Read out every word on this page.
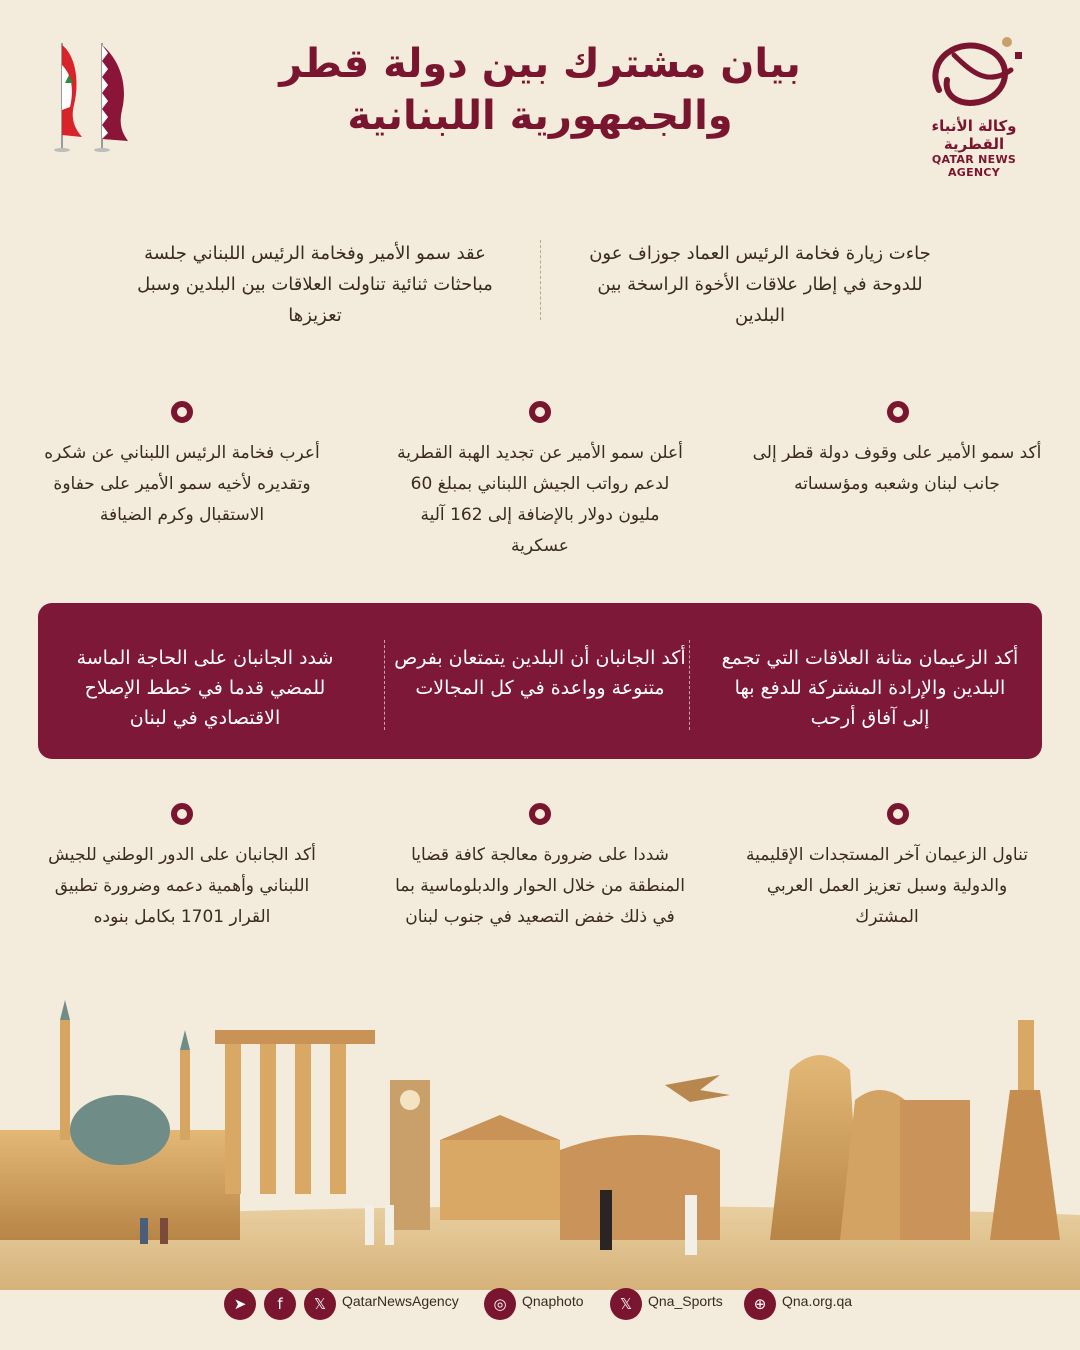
بيان مشترك بين دولة قطر
والجمهورية اللبنانية	وكالة الأنباء القطرية
QATAR NEWS AGENCY
جاءت زيارة فخامة الرئيس العماد جوزاف عون للدوحة في إطار علاقات الأخوة الراسخة بين البلدين
عقد سمو الأمير وفخامة الرئيس اللبناني جلسة مباحثات ثنائية تناولت العلاقات بين البلدين وسبل تعزيزها
أكد سمو الأمير على وقوف دولة قطر إلى جانب لبنان وشعبه ومؤسساته
أعلن سمو الأمير عن تجديد الهبة القطرية لدعم رواتب الجيش اللبناني بمبلغ 60 مليون دولار بالإضافة إلى 162 آلية عسكرية
أعرب فخامة الرئيس اللبناني عن شكره وتقديره لأخيه سمو الأمير على حفاوة الاستقبال وكرم الضيافة
أكد الزعيمان متانة العلاقات التي تجمع البلدين والإرادة المشتركة للدفع بها إلى آفاق أرحب
أكد الجانبان أن البلدين يتمتعان بفرص متنوعة وواعدة في كل المجالات
شدد الجانبان على الحاجة الماسة للمضي قدما في خطط الإصلاح الاقتصادي في لبنان
تناول الزعيمان آخر المستجدات الإقليمية والدولية وسبل تعزيز العمل العربي المشترك
شددا على ضرورة معالجة كافة قضايا المنطقة من خلال الحوار والدبلوماسية بما في ذلك خفض التصعيد في جنوب لبنان
أكد الجانبان على الدور الوطني للجيش اللبناني وأهمية دعمه وضرورة تطبيق القرار 1701 بكامل بنوده
➤	f	𝕏	QatarNewsAgency	◎	Qnaphoto	𝕏	Qna_Sports	⊕	Qna.org.qa
